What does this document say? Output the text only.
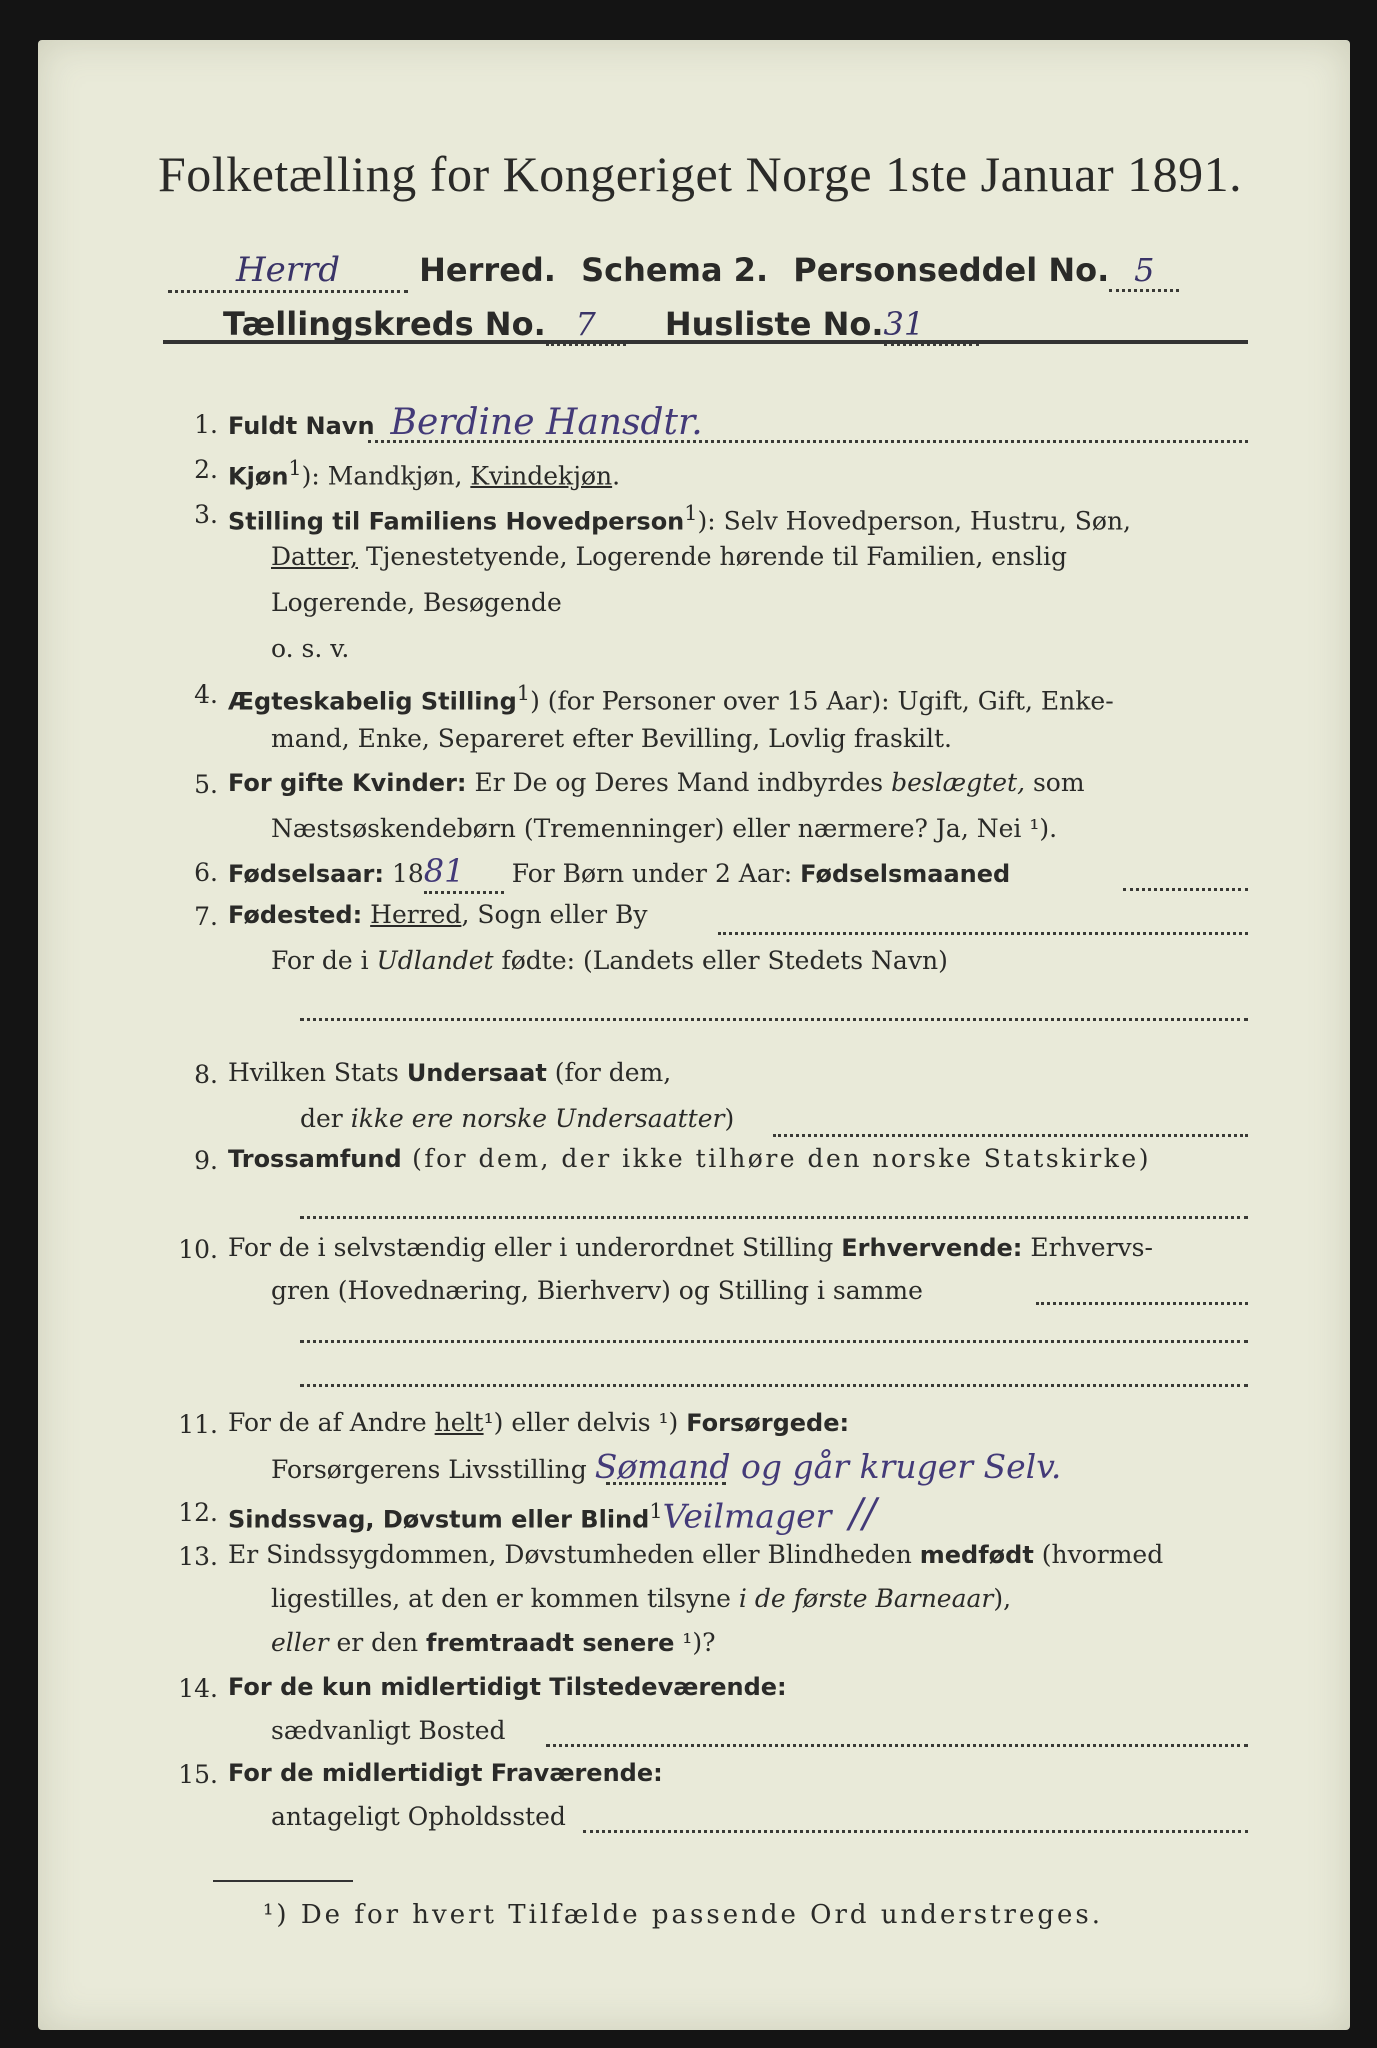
Folketælling for Kongeriget Norge 1ste Januar 1891.
Herrd Herred. Schema 2. Personseddel No. 5
Tællingskreds No. 7 Husliste No.31
1. Fuldt Navn Berdine Hansdtr.
2. Kjøn$^1$): Mandkjøn, Kvindekjøn.
3. Stilling til Familiens Hovedperson$^1$): Selv Hovedperson, Hustru, Søn,
Datter, Tjenestetyende, Logerende hørende til Familien, enslig
Logerende, Besøgende
o. s. v.
4. Ægteskabelig Stilling$^1$) (for Personer over 15 Aar): Ugift, Gift, Enke-
mand, Enke, Separeret efter Bevilling, Lovlig fraskilt.
5. For gifte Kvinder: Er De og Deres Mand indbyrdes beslægtet, som
Næstsøskendebørn (Tremenninger) eller nærmere? Ja, Nei ¹).
6. Fødselsaar: 1881 For Børn under 2 Aar: Fødselsmaaned
7. Fødested: Herred, Sogn eller By
For de i Udlandet fødte: (Landets eller Stedets Navn)
8. Hvilken Stats Undersaat (for dem,
der ikke ere norske Undersaatter)
9. Trossamfund (for dem, der ikke tilhøre den norske Statskirke)
10. For de i selvstændig eller i underordnet Stilling Erhvervende: Erhvervs-
gren (Hovednæring, Bierhverv) og Stilling i samme
11. For de af Andre helt¹) eller delvis ¹) Forsørgede:
Forsørgerens Livsstilling Sømand og går kruger Selv.
12. Sindssvag, Døvstum eller Blind$^1$Veilmager //
13. Er Sindssygdommen, Døvstumheden eller Blindheden medfødt (hvormed
ligestilles, at den er kommen tilsyne i de første Barneaar),
eller er den fremtraadt senere ¹)?
14. For de kun midlertidigt Tilstedeværende:
sædvanligt Bosted
15. For de midlertidigt Fraværende:
antageligt Opholdssted
¹) De for hvert Tilfælde passende Ord understreges.
